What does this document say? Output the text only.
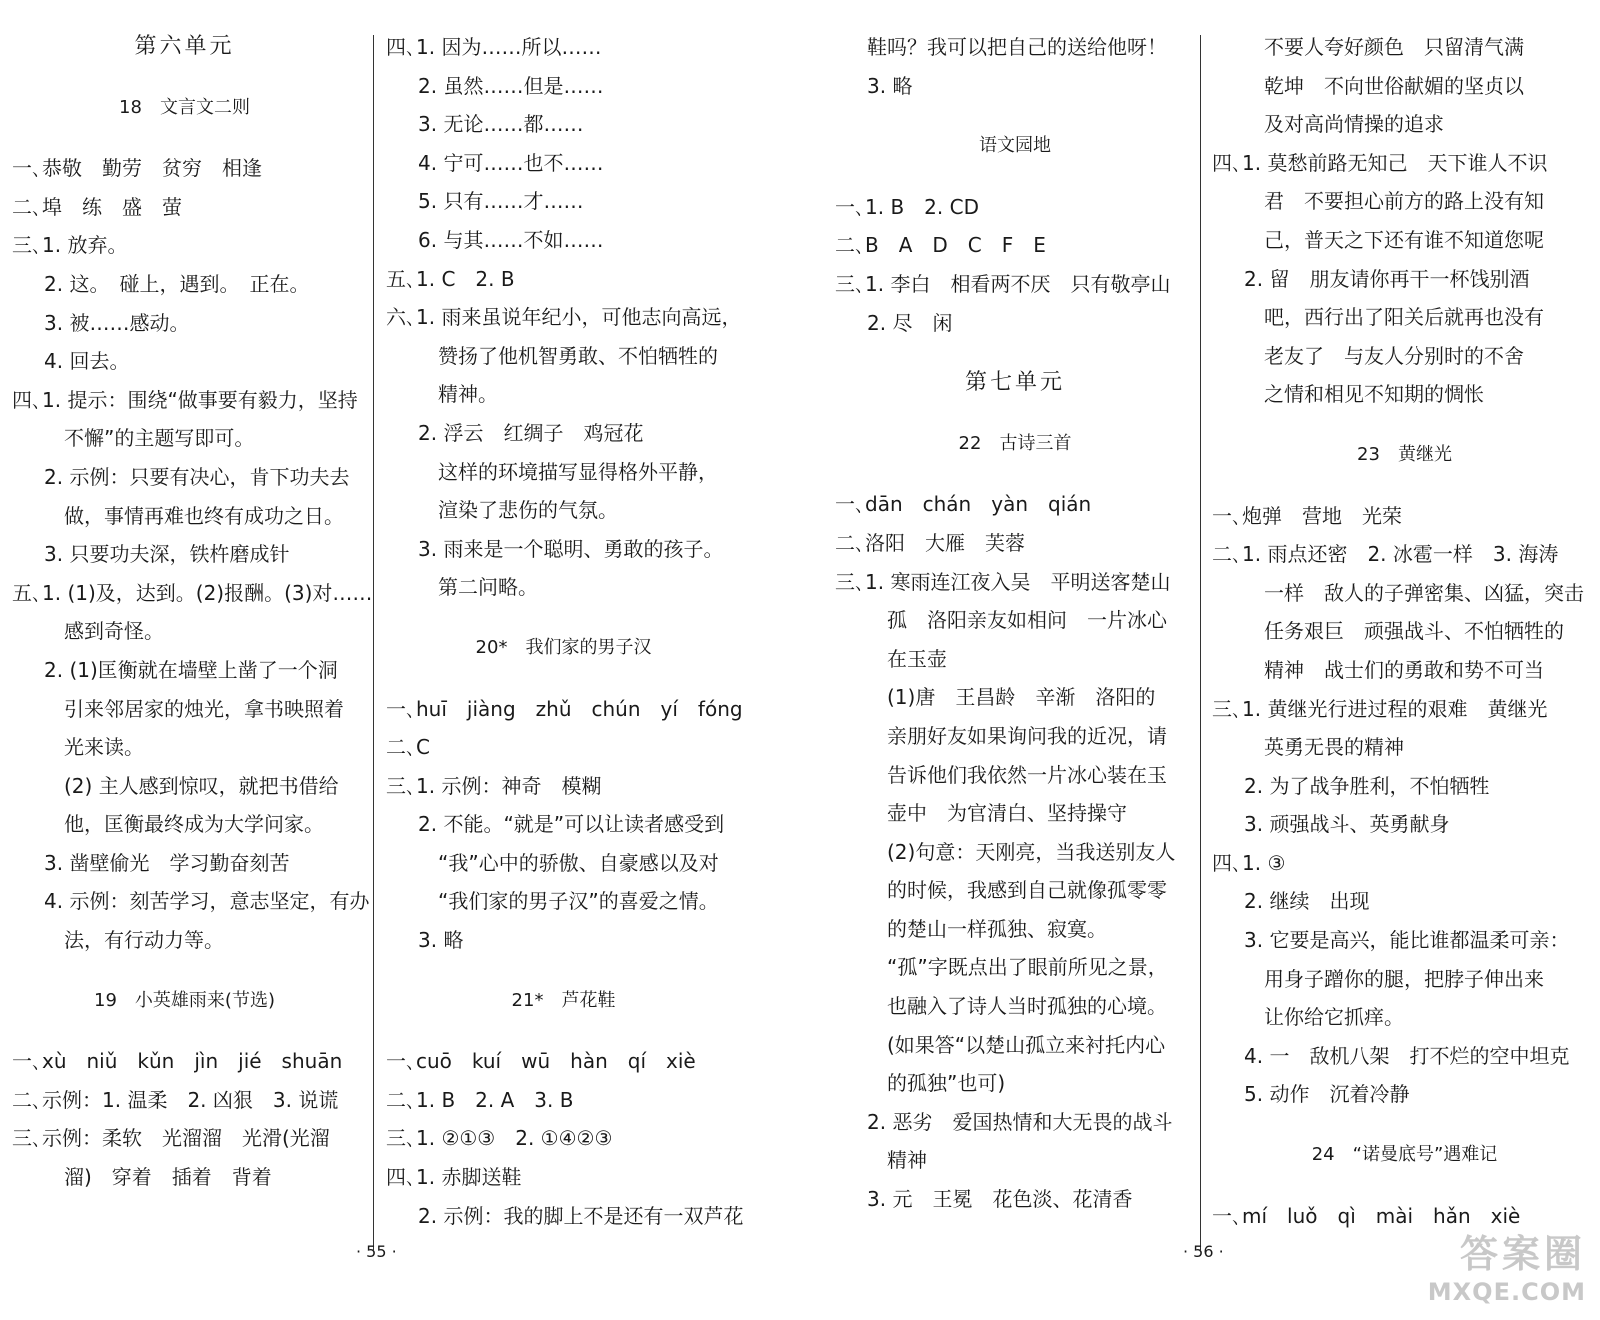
第六单元
18　文言文二则
一､恭敬　勤劳　贫穷　相逢
二､埠　练　盛　萤
三､1. 放弃。
2. 这。　碰上，遇到。　正在。
3. 被……感动。
4. 回去。
四､1. 提示：围绕“做事要有毅力，坚持
不懈”的主题写即可。
2. 示例：只要有决心，肯下功夫去
做，事情再难也终有成功之日。
3. 只要功夫深，铁杵磨成针
五､1. (1)及，达到。(2)报酬。(3)对……
感到奇怪。
2. (1)匡衡就在墙壁上凿了一个洞
引来邻居家的烛光，拿书映照着
光来读。
(2) 主人感到惊叹，就把书借给
他，匡衡最终成为大学问家。
3. 凿壁偷光　学习勤奋刻苦
4. 示例：刻苦学习，意志坚定，有办
法，有行动力等。
19　小英雄雨来(节选)
一､xù　niǔ　kǔn　jìn　jié　shuān
二､示例：1. 温柔　2. 凶狠　3. 说谎
三､示例：柔软　光溜溜　光滑(光溜
溜)　穿着　插着　背着
四､1. 因为……所以……
2. 虽然……但是……
3. 无论……都……
4. 宁可……也不……
5. 只有……才……
6. 与其……不如……
五､1. C　2. B
六､1. 雨来虽说年纪小，可他志向高远，
赞扬了他机智勇敢、不怕牺牲的
精神。
2. 浮云　红绸子　鸡冠花
这样的环境描写显得格外平静，
渲染了悲伤的气氛。
3. 雨来是一个聪明、勇敢的孩子。
第二问略。
20*　我们家的男子汉
一､huī　jiàng　zhǔ　chún　yí　fóng
二､C
三､1. 示例：神奇　模糊
2. 不能。“就是”可以让读者感受到
“我”心中的骄傲、自豪感以及对
“我们家的男子汉”的喜爱之情。
3. 略
21*　芦花鞋
一､cuō　kuí　wū　hàn　qí　xiè
二､1. B　2. A　3. B
三､1. ②①③　2. ①④②③
四､1. 赤脚送鞋
2. 示例：我的脚上不是还有一双芦花
鞋吗？我可以把自己的送给他呀！
3. 略
语文园地
一､1. B　2. CD
二､B　A　D　C　F　E
三､1. 李白　相看两不厌　只有敬亭山
2. 尽　闲
第七单元
22　古诗三首
一､dān　chán　yàn　qián
二､洛阳　大雁　芙蓉
三､1. 寒雨连江夜入吴　平明送客楚山
孤　洛阳亲友如相问　一片冰心
在玉壶
(1)唐　王昌龄　辛渐　洛阳的
亲朋好友如果询问我的近况，请
告诉他们我依然一片冰心装在玉
壶中　为官清白、坚持操守
(2)句意：天刚亮，当我送别友人
的时候，我感到自己就像孤零零
的楚山一样孤独、寂寞。
“孤”字既点出了眼前所见之景，
也融入了诗人当时孤独的心境。
(如果答“以楚山孤立来衬托内心
的孤独”也可)
2. 恶劣　爱国热情和大无畏的战斗
精神
3. 元　王冕　花色淡、花清香
不要人夸好颜色　只留清气满
乾坤　不向世俗献媚的坚贞以
及对高尚情操的追求
四､1. 莫愁前路无知己　天下谁人不识
君　不要担心前方的路上没有知
己，普天之下还有谁不知道您呢
2. 留　朋友请你再干一杯饯别酒
吧，西行出了阳关后就再也没有
老友了　与友人分别时的不舍
之情和相见不知期的惆怅
23　黄继光
一､炮弹　营地　光荣
二､1. 雨点还密　2. 冰雹一样　3. 海涛
一样　敌人的子弹密集、凶猛，突击
任务艰巨　顽强战斗、不怕牺牲的
精神　战士们的勇敢和势不可当
三､1. 黄继光行进过程的艰难　黄继光
英勇无畏的精神
2. 为了战争胜利，不怕牺牲
3. 顽强战斗、英勇献身
四､1. ③
2. 继续　出现
3. 它要是高兴，能比谁都温柔可亲：
用身子蹭你的腿，把脖子伸出来
让你给它抓痒。
4. 一　敌机八架　打不烂的空中坦克
5. 动作　沉着冷静
24　“诺曼底号”遇难记
一､mí　luǒ　qì　mài　hǎn　xiè
· 55 ·	· 56 ·	答案圈
MXQE.COM
